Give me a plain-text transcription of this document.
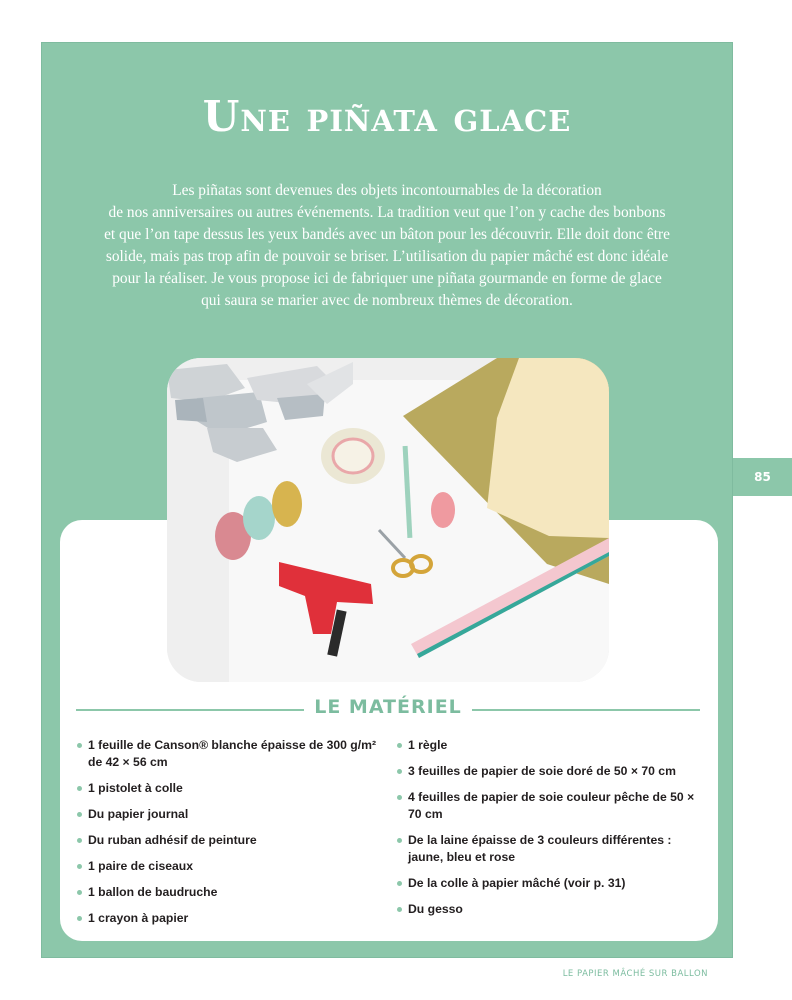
Une piñata glace
Les piñatas sont devenues des objets incontournables de la décoration
de nos anniversaires ou autres événements. La tradition veut que l’on y cache des bonbons
et que l’on tape dessus les yeux bandés avec un bâton pour les découvrir. Elle doit donc être
solide, mais pas trop afin de pouvoir se briser. L’utilisation du papier mâché est donc idéale
pour la réaliser. Je vous propose ici de fabriquer une piñata gourmande en forme de glace
qui saura se marier avec de nombreux thèmes de décoration.
85
LE MATÉRIEL
1 feuille de Canson® blanche épaisse de 300 g/m² de 42 × 56 cm
1 pistolet à colle
Du papier journal
Du ruban adhésif de peinture
1 paire de ciseaux
1 ballon de baudruche
1 crayon à papier
1 règle
3 feuilles de papier de soie doré de 50 × 70 cm
4 feuilles de papier de soie couleur pêche de 50 × 70 cm
De la laine épaisse de 3 couleurs différentes : jaune, bleu et rose
De la colle à papier mâché (voir p. 31)
Du gesso
LE PAPIER MÂCHÉ SUR BALLON
